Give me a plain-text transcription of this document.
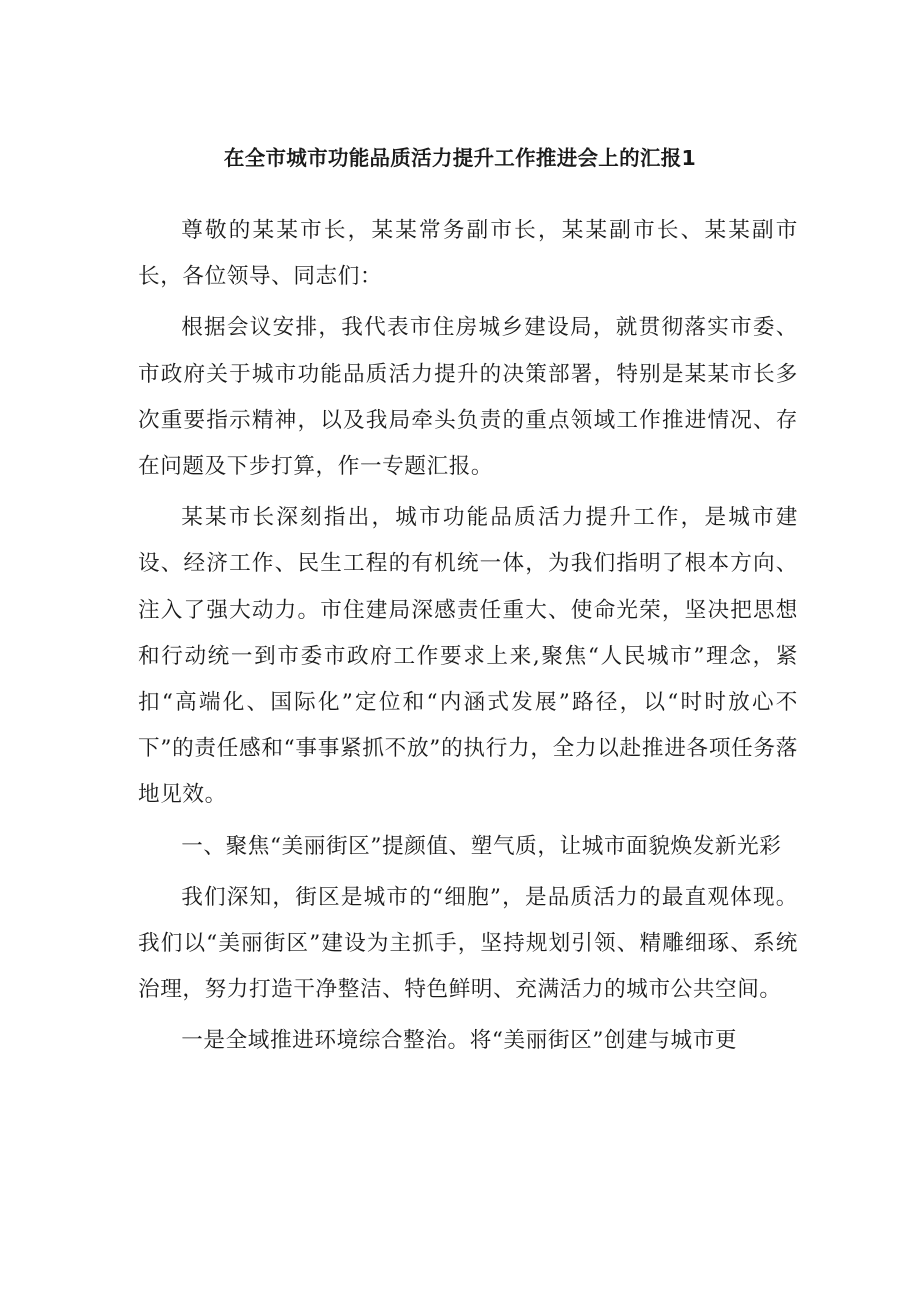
在全市城市功能品质活力提升工作推进会上的汇报1

尊敬的某某市长，某某常务副市长，某某副市长、某某副市长，各位领导、同志们：

根据会议安排，我代表市住房城乡建设局，就贯彻落实市委、市政府关于城市功能品质活力提升的决策部署，特别是某某市长多次重要指示精神，以及我局牵头负责的重点领域工作推进情况、存在问题及下步打算，作一专题汇报。

某某市长深刻指出，城市功能品质活力提升工作，是城市建设、经济工作、民生工程的有机统一体，为我们指明了根本方向、注入了强大动力。市住建局深感责任重大、使命光荣，坚决把思想和行动统一到市委市政府工作要求上来,聚焦“人民城市”理念，紧扣“高端化、国际化”定位和“内涵式发展”路径，以“时时放心不下”的责任感和“事事紧抓不放”的执行力，全力以赴推进各项任务落地见效。

一、聚焦“美丽街区”提颜值、塑气质，让城市面貌焕发新光彩

我们深知，街区是城市的“细胞”，是品质活力的最直观体现。我们以“美丽街区”建设为主抓手，坚持规划引领、精雕细琢、系统治理，努力打造干净整洁、特色鲜明、充满活力的城市公共空间。

一是全域推进环境综合整治。将“美丽街区”创建与城市更
